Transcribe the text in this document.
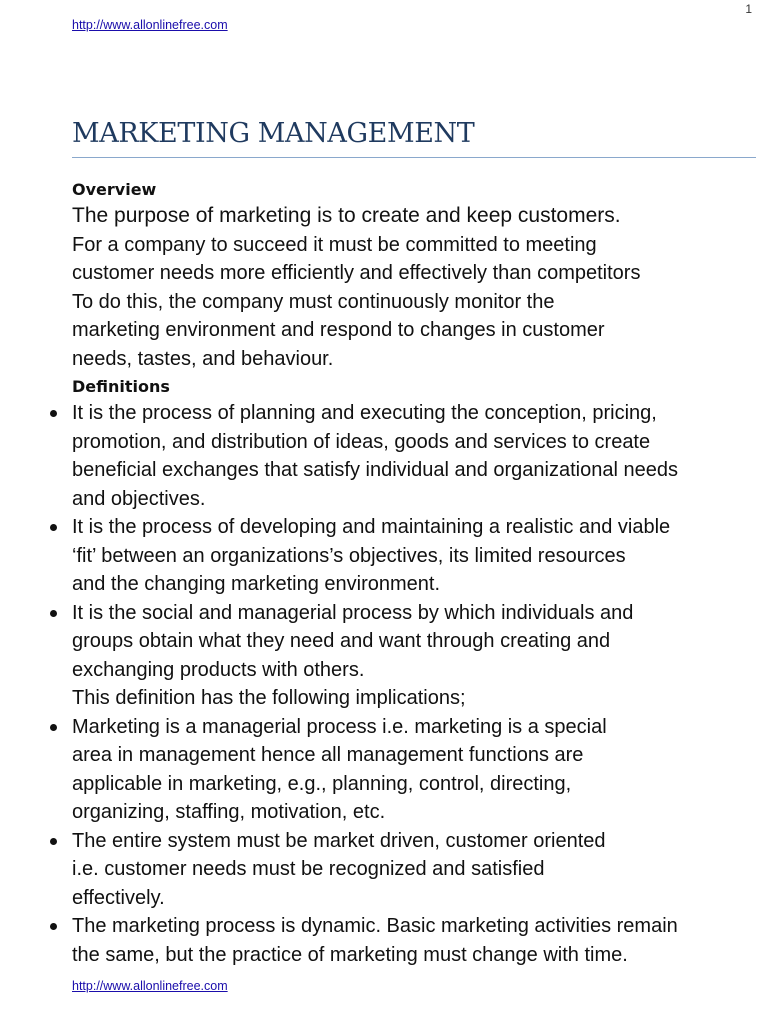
1
http://www.allonlinefree.com
MARKETING MANAGEMENT
Overview
The purpose of marketing is to create and keep customers.
For a company to succeed it must be committed to meeting
customer needs more efficiently and effectively than competitors
To do this, the company must continuously monitor the
marketing environment and respond to changes in customer
needs, tastes, and behaviour.
Definitions
It is the process of planning and executing the conception, pricing,
promotion, and distribution of ideas, goods and services to create
beneficial exchanges that satisfy individual and organizational needs
and objectives.
It is the process of developing and maintaining a realistic and viable
‘fit’ between an organizations’s objectives, its limited resources
and the changing marketing environment.
It is the social and managerial process by which individuals and
groups obtain what they need and want through creating and
exchanging products with others.
This definition has the following implications;
Marketing is a managerial process i.e. marketing is a special
area in management hence all management functions are
applicable in marketing, e.g., planning, control, directing,
organizing, staffing, motivation, etc.
The entire system must be market driven, customer oriented
i.e. customer needs must be recognized and satisfied
effectively.
The marketing process is dynamic. Basic marketing activities remain
the same, but the practice of marketing must change with time.
http://www.allonlinefree.com
